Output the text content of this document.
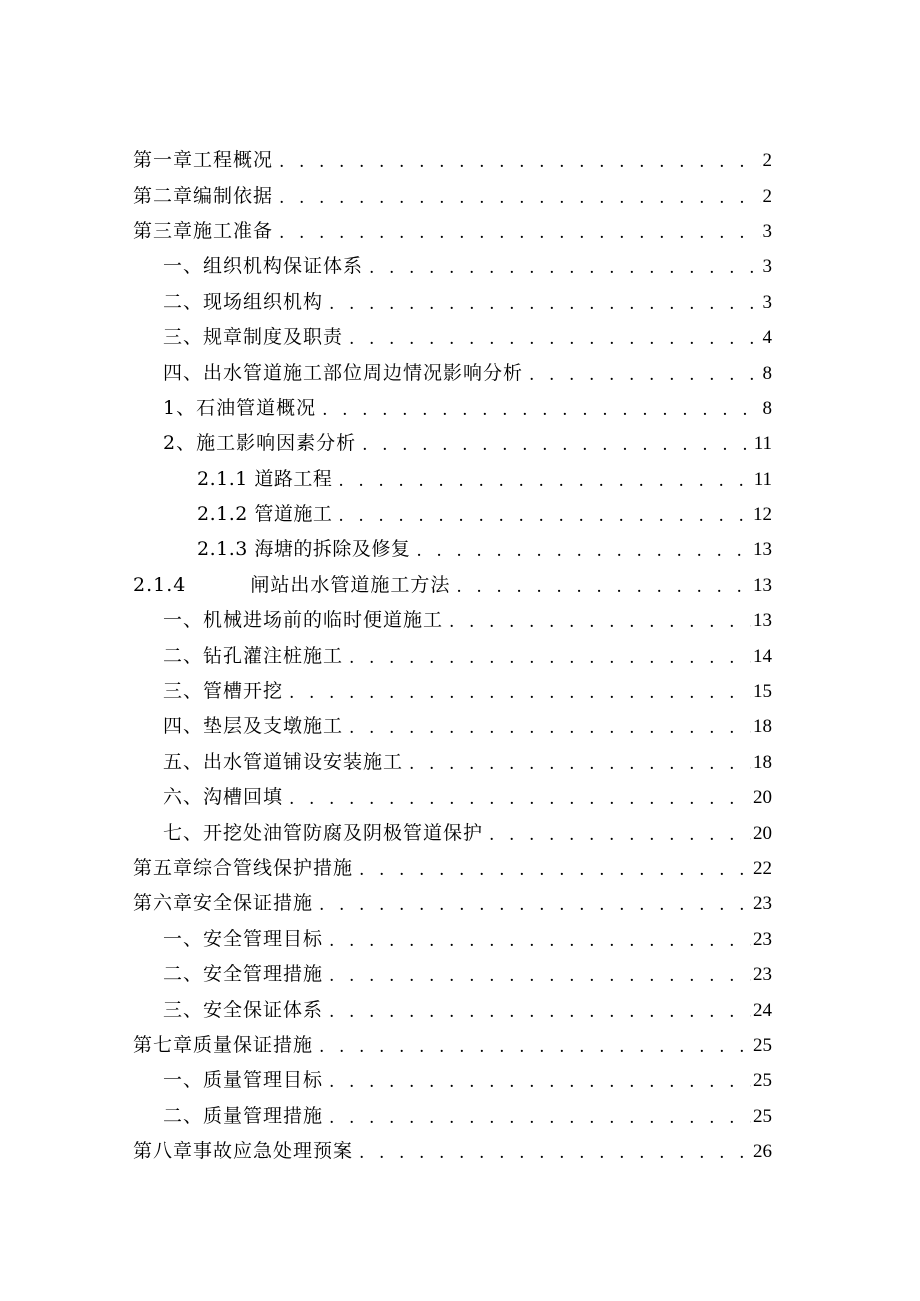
第一章工程概况 . . .	2
第二章编制依据 . . .	2
第三章施工准备 . . .	3
一、组织机构保证体系 . . .	3
二、现场组织机构 . . .	3
三、规章制度及职责 . . .	4
四、出水管道施工部位周边情况影响分析 . . .	8
1、石油管道概况 . . .	8
2、施工影响因素分析 . . .	11
2.1.1 道路工程 . . .	11
2.1.2 管道施工 . . .	12
2.1.3 海塘的拆除及修复 . . .	13
2.1.4	闸站出水管道施工方法 . . .	13
一、机械进场前的临时便道施工 . . .	13
二、钻孔灌注桩施工 . . .	14
三、管槽开挖 . . .	15
四、垫层及支墩施工 . . .	18
五、出水管道铺设安装施工 . . .	18
六、沟槽回填 . . .	20
七、开挖处油管防腐及阴极管道保护 . . .	20
第五章综合管线保护措施 . . .	22
第六章安全保证措施 . . .	23
一、安全管理目标 . . .	23
二、安全管理措施 . . .	23
三、安全保证体系 . . .	24
第七章质量保证措施 . . .	25
一、质量管理目标 . . .	25
二、质量管理措施 . . .	25
第八章事故应急处理预案 . . .	26
